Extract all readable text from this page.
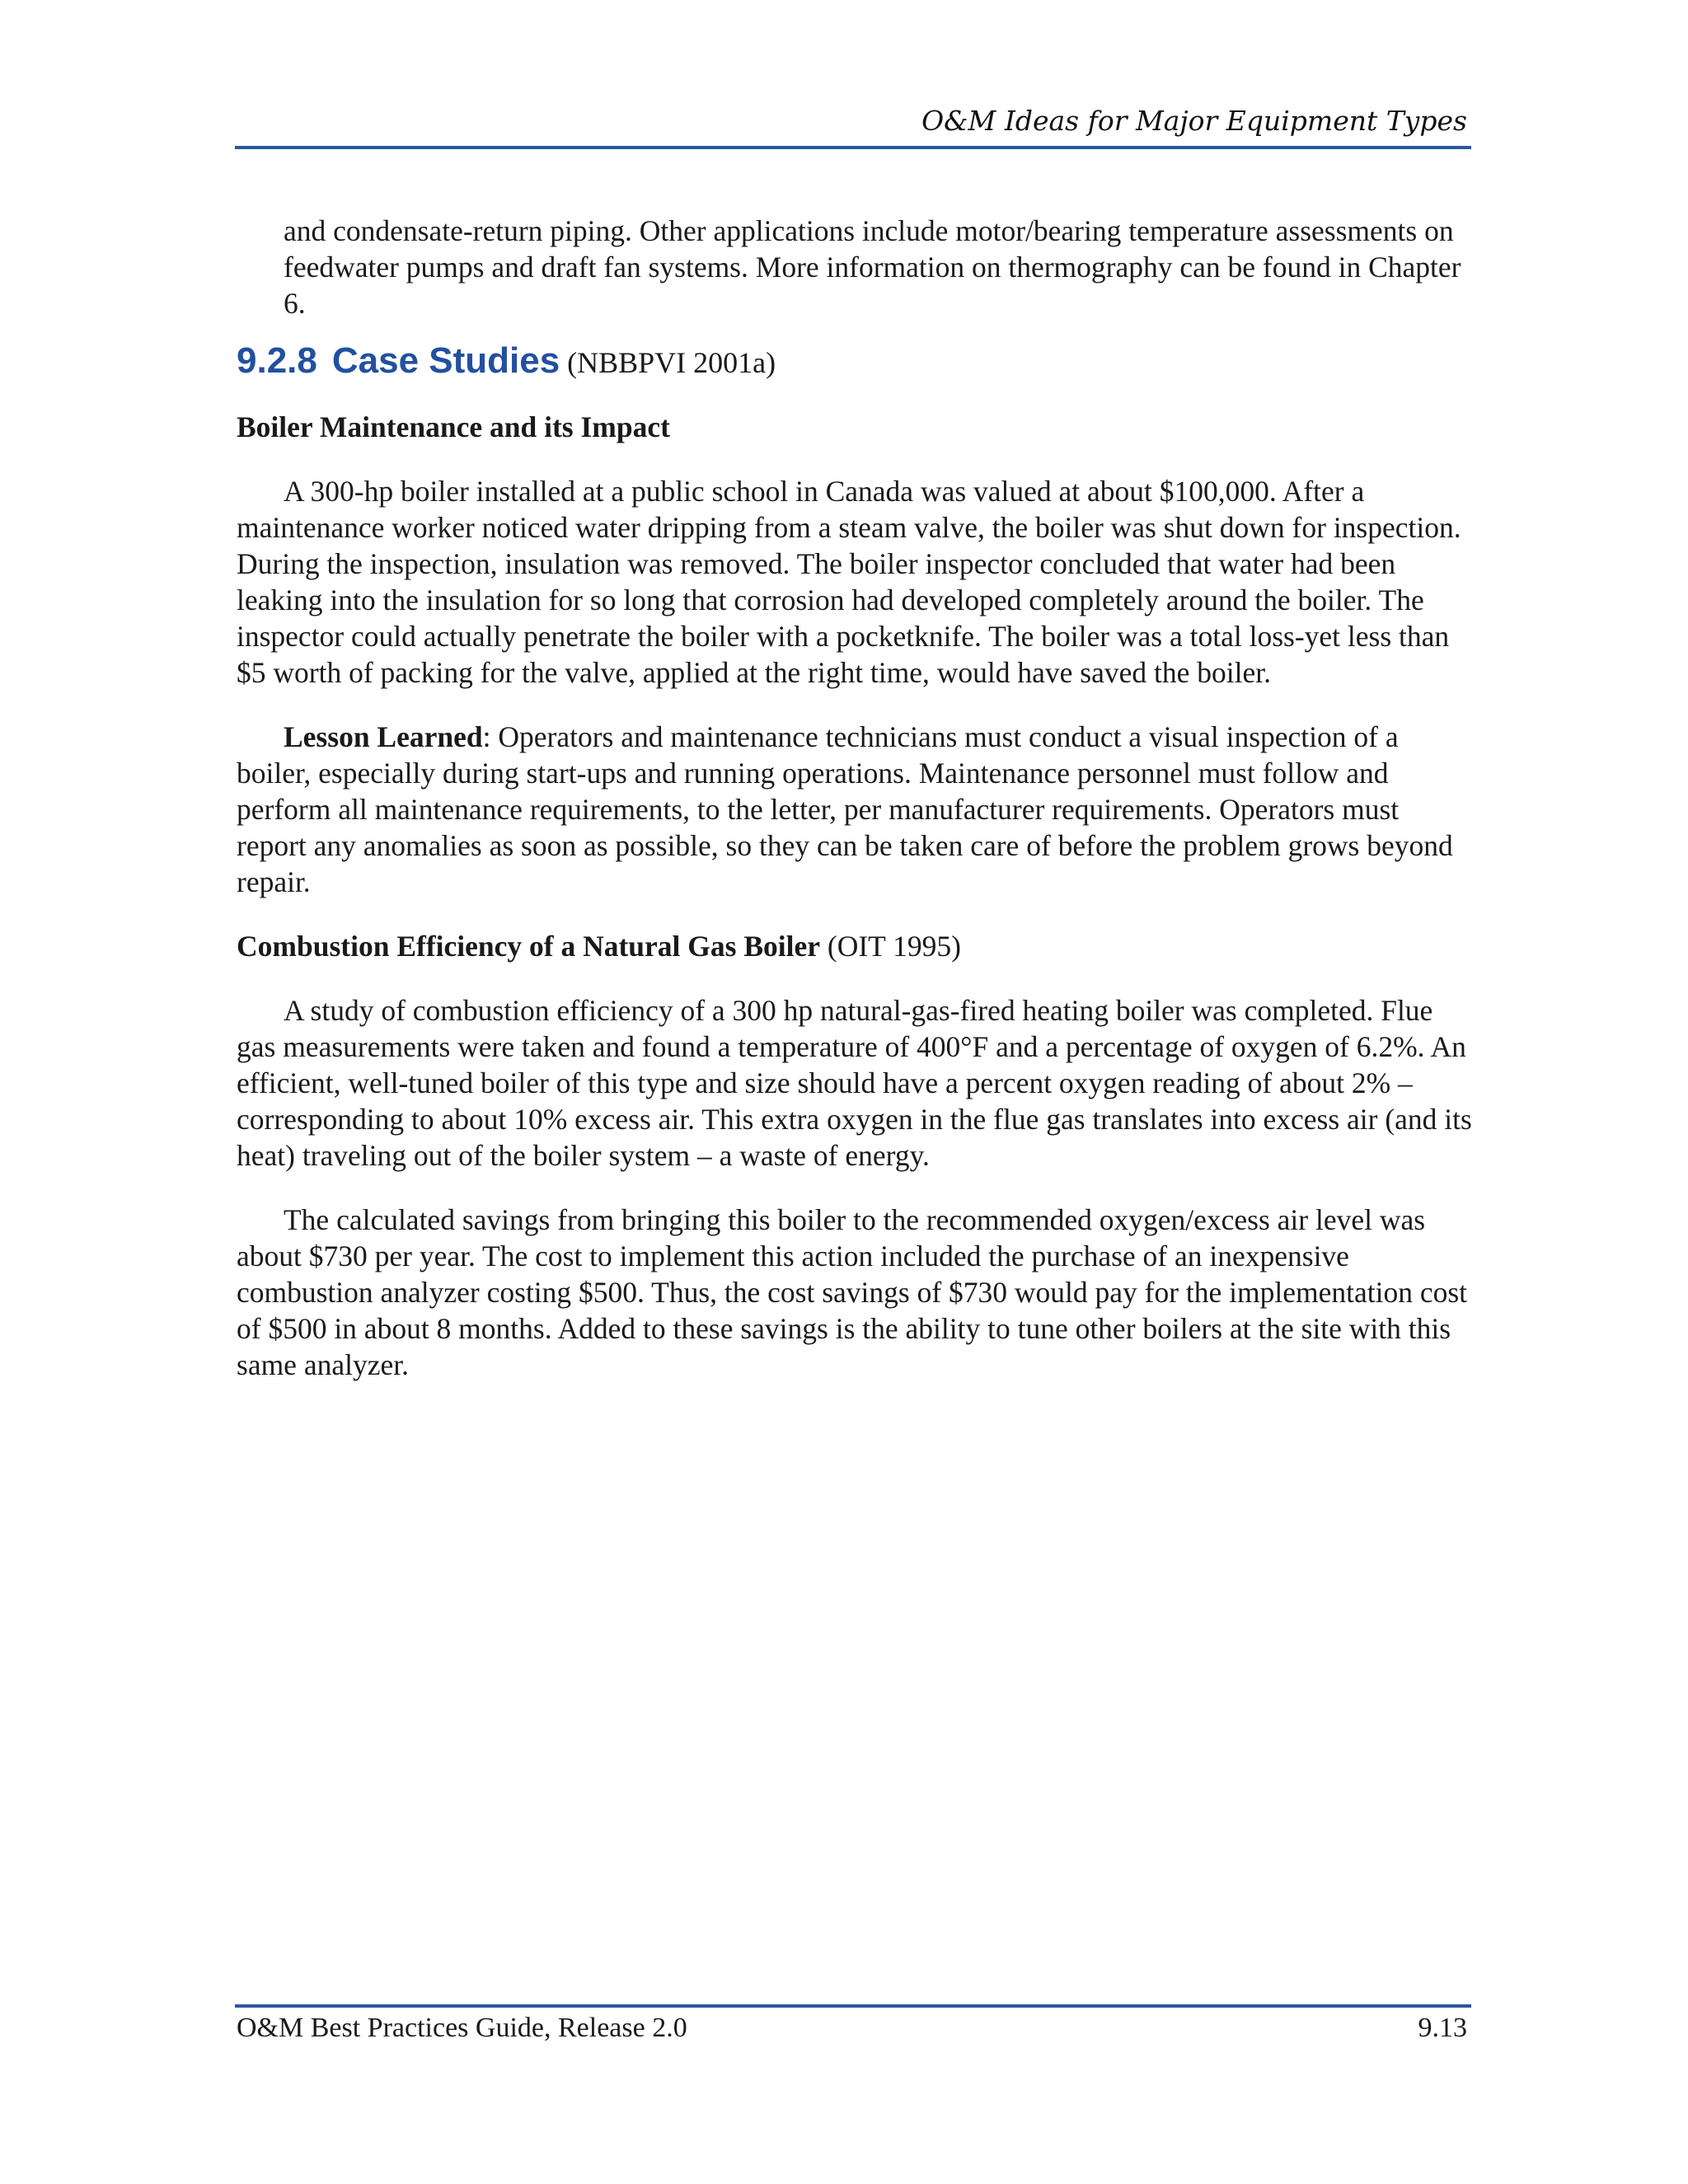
O&M Ideas for Major Equipment Types

and condensate-return piping. Other applications include motor/bearing temperature assessments on feedwater pumps and draft fan systems. More information on thermography can be found in Chapter 6.

9.2.8 Case Studies (NBBPVI 2001a)

Boiler Maintenance and its Impact

A 300-hp boiler installed at a public school in Canada was valued at about $100,000. After a maintenance worker noticed water dripping from a steam valve, the boiler was shut down for inspection. During the inspection, insulation was removed. The boiler inspector concluded that water had been leaking into the insulation for so long that corrosion had developed completely around the boiler. The inspector could actually penetrate the boiler with a pocketknife. The boiler was a total loss-yet less than $5 worth of packing for the valve, applied at the right time, would have saved the boiler.

Lesson Learned: Operators and maintenance technicians must conduct a visual inspection of a boiler, especially during start-ups and running operations. Maintenance personnel must follow and perform all maintenance requirements, to the letter, per manufacturer requirements. Operators must report any anomalies as soon as possible, so they can be taken care of before the problem grows beyond repair.

Combustion Efficiency of a Natural Gas Boiler (OIT 1995)

A study of combustion efficiency of a 300 hp natural-gas-fired heating boiler was completed. Flue gas measurements were taken and found a temperature of 400°F and a percentage of oxygen of 6.2%. An efficient, well-tuned boiler of this type and size should have a percent oxygen reading of about 2% – corresponding to about 10% excess air. This extra oxygen in the flue gas translates into excess air (and its heat) traveling out of the boiler system – a waste of energy.

The calculated savings from bringing this boiler to the recommended oxygen/excess air level was about $730 per year. The cost to implement this action included the purchase of an inexpensive combustion analyzer costing $500. Thus, the cost savings of $730 would pay for the implementation cost of $500 in about 8 months. Added to these savings is the ability to tune other boilers at the site with this same analyzer.

O&M Best Practices Guide, Release 2.0	9.13
